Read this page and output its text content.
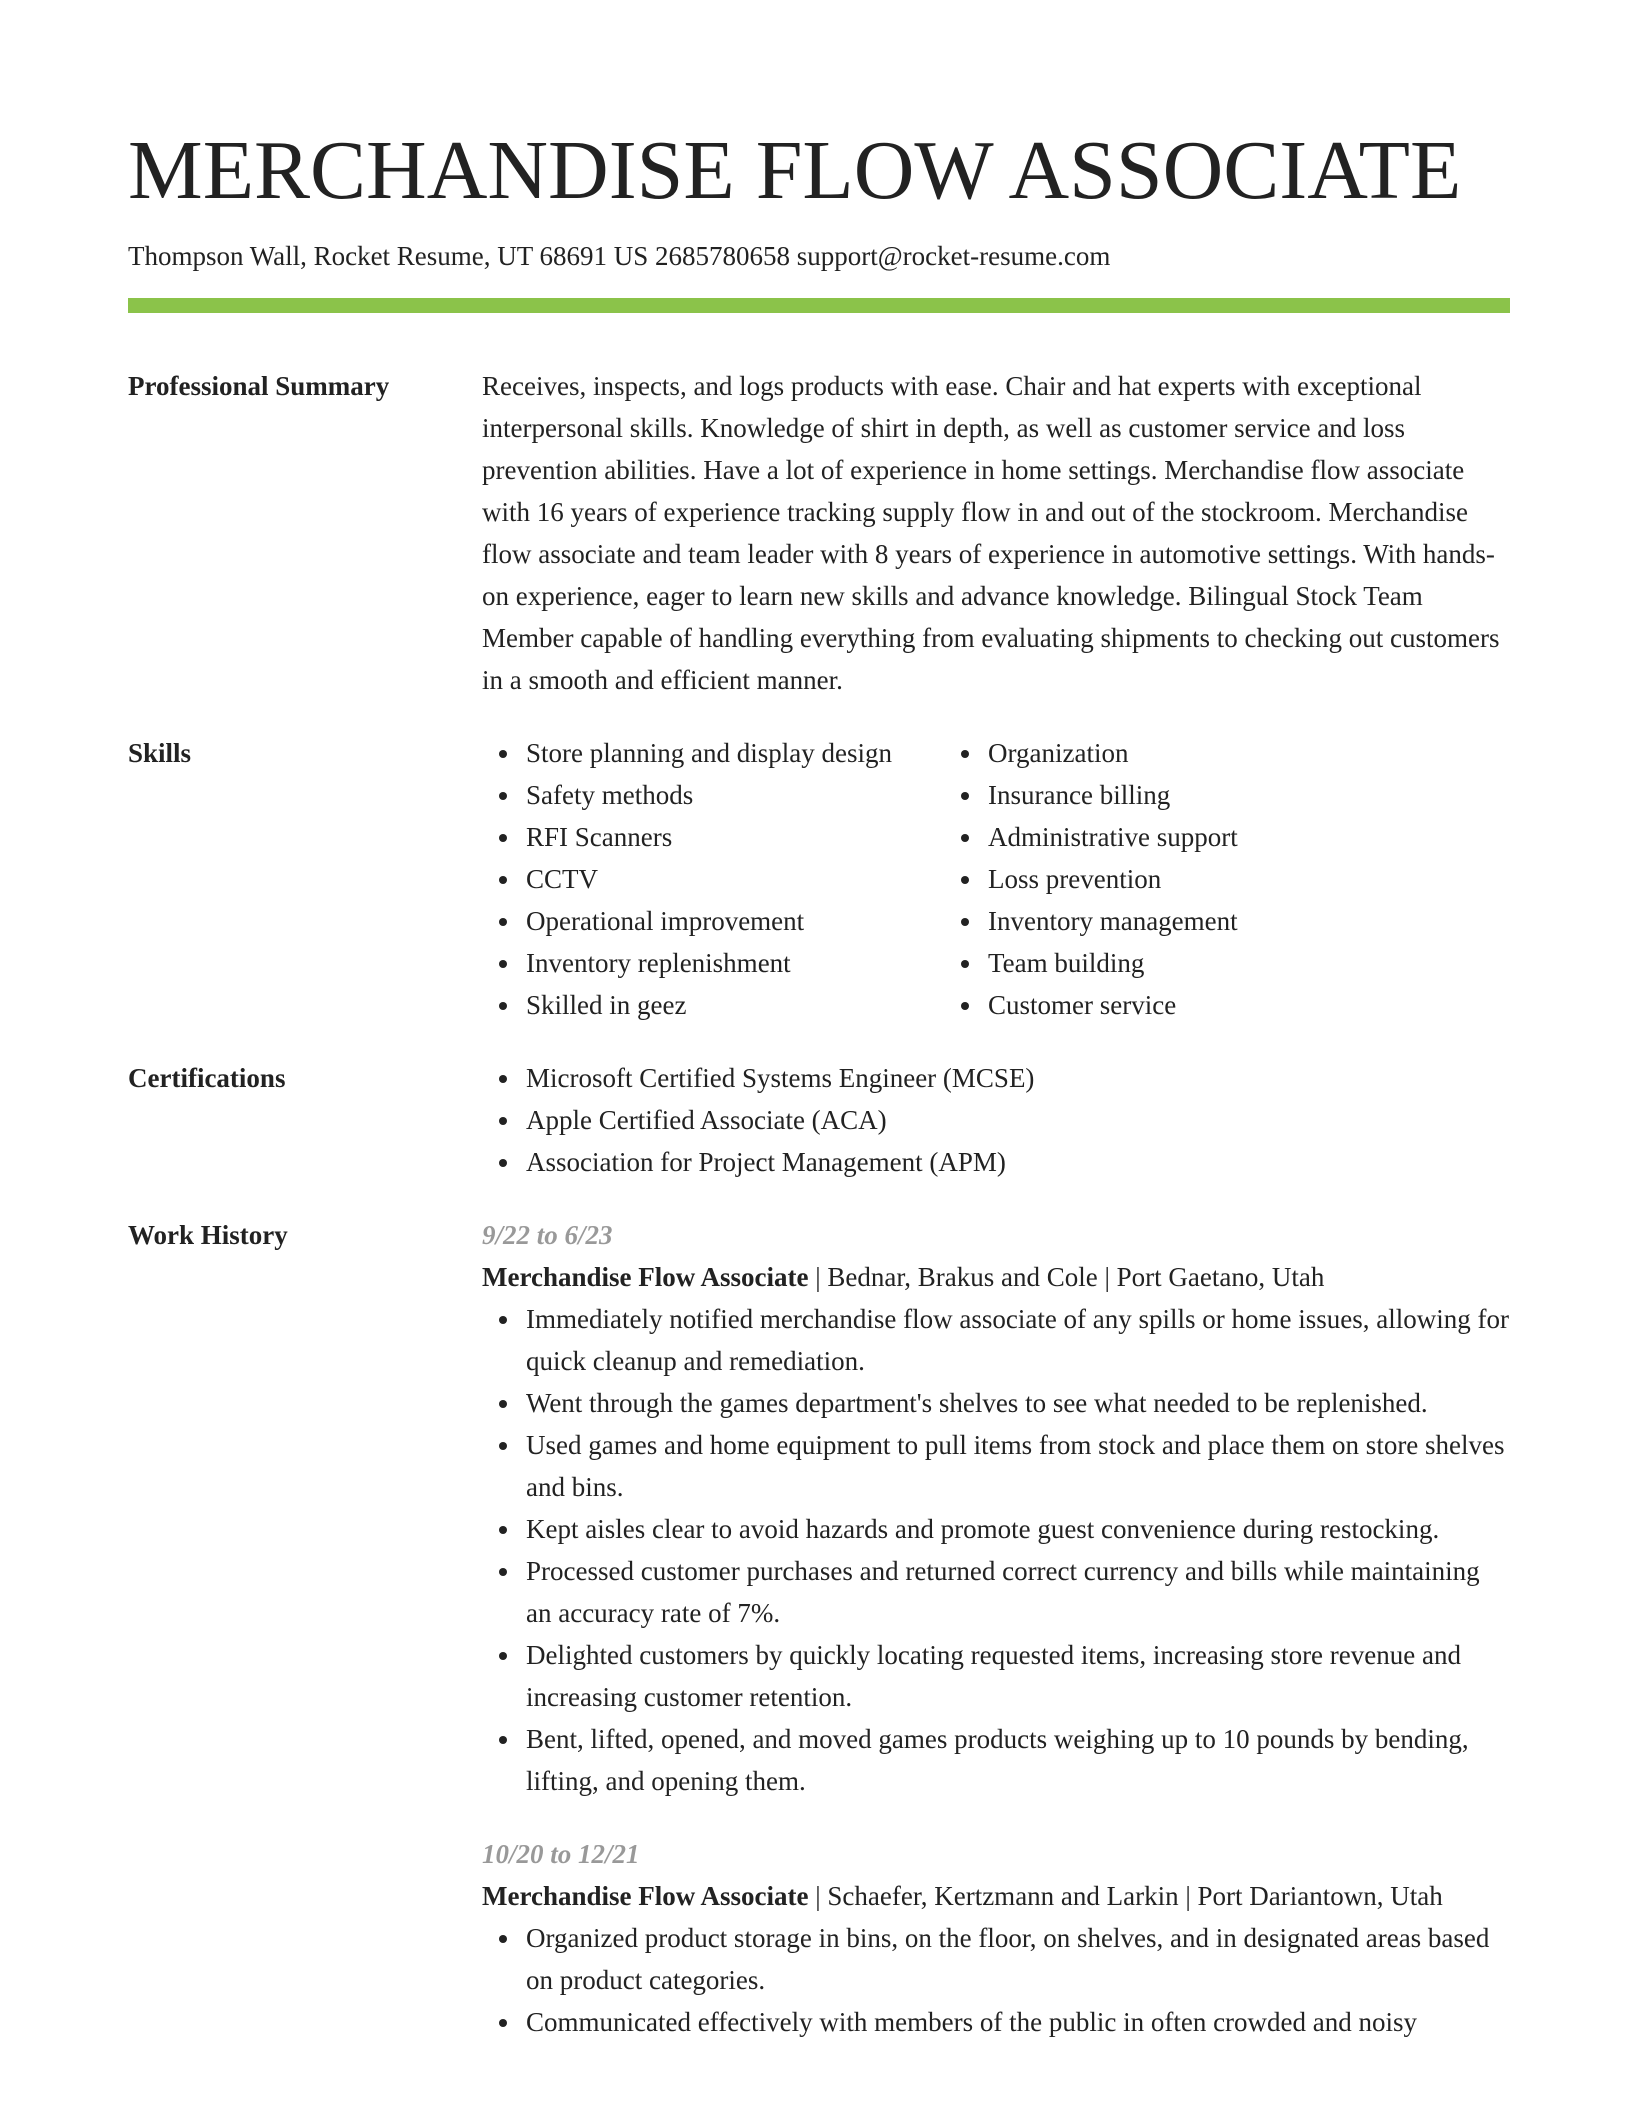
MERCHANDISE FLOW ASSOCIATE
Thompson Wall, Rocket Resume, UT 68691 US 2685780658 support@rocket-resume.com
Professional Summary	Receives, inspects, and logs products with ease. Chair and hat experts with exceptional interpersonal skills. Knowledge of shirt in depth, as well as customer service and loss prevention abilities. Have a lot of experience in home settings. Merchandise flow associate with 16 years of experience tracking supply flow in and out of the stockroom. Merchandise flow associate and team leader with 8 years of experience in automotive settings. With hands-on experience, eager to learn new skills and advance knowledge. Bilingual Stock Team Member capable of handling everything from evaluating shipments to checking out customers in a smooth and efficient manner.

Skills	Store planning and display design
Safety methods
RFI Scanners
CCTV
Operational improvement
Inventory replenishment
Skilled in geez
Organization
Insurance billing
Administrative support
Loss prevention
Inventory management
Team building
Customer service
Certifications	Microsoft Certified Systems Engineer (MCSE)
Apple Certified Associate (ACA)
Association for Project Management (APM)
Work History	9/22 to 6/23
Merchandise Flow Associate | Bednar, Brakus and Cole | Port Gaetano, Utah
Immediately notified merchandise flow associate of any spills or home issues, allowing for quick cleanup and remediation.
Went through the games department's shelves to see what needed to be replenished.
Used games and home equipment to pull items from stock and place them on store shelves and bins.
Kept aisles clear to avoid hazards and promote guest convenience during restocking.
Processed customer purchases and returned correct currency and bills while maintaining an accuracy rate of 7%.
Delighted customers by quickly locating requested items, increasing store revenue and increasing customer retention.
Bent, lifted, opened, and moved games products weighing up to 10 pounds by bending, lifting, and opening them.
10/20 to 12/21
Merchandise Flow Associate | Schaefer, Kertzmann and Larkin | Port Dariantown, Utah
Organized product storage in bins, on the floor, on shelves, and in designated areas based on product categories.
Communicated effectively with members of the public in often crowded and noisy
